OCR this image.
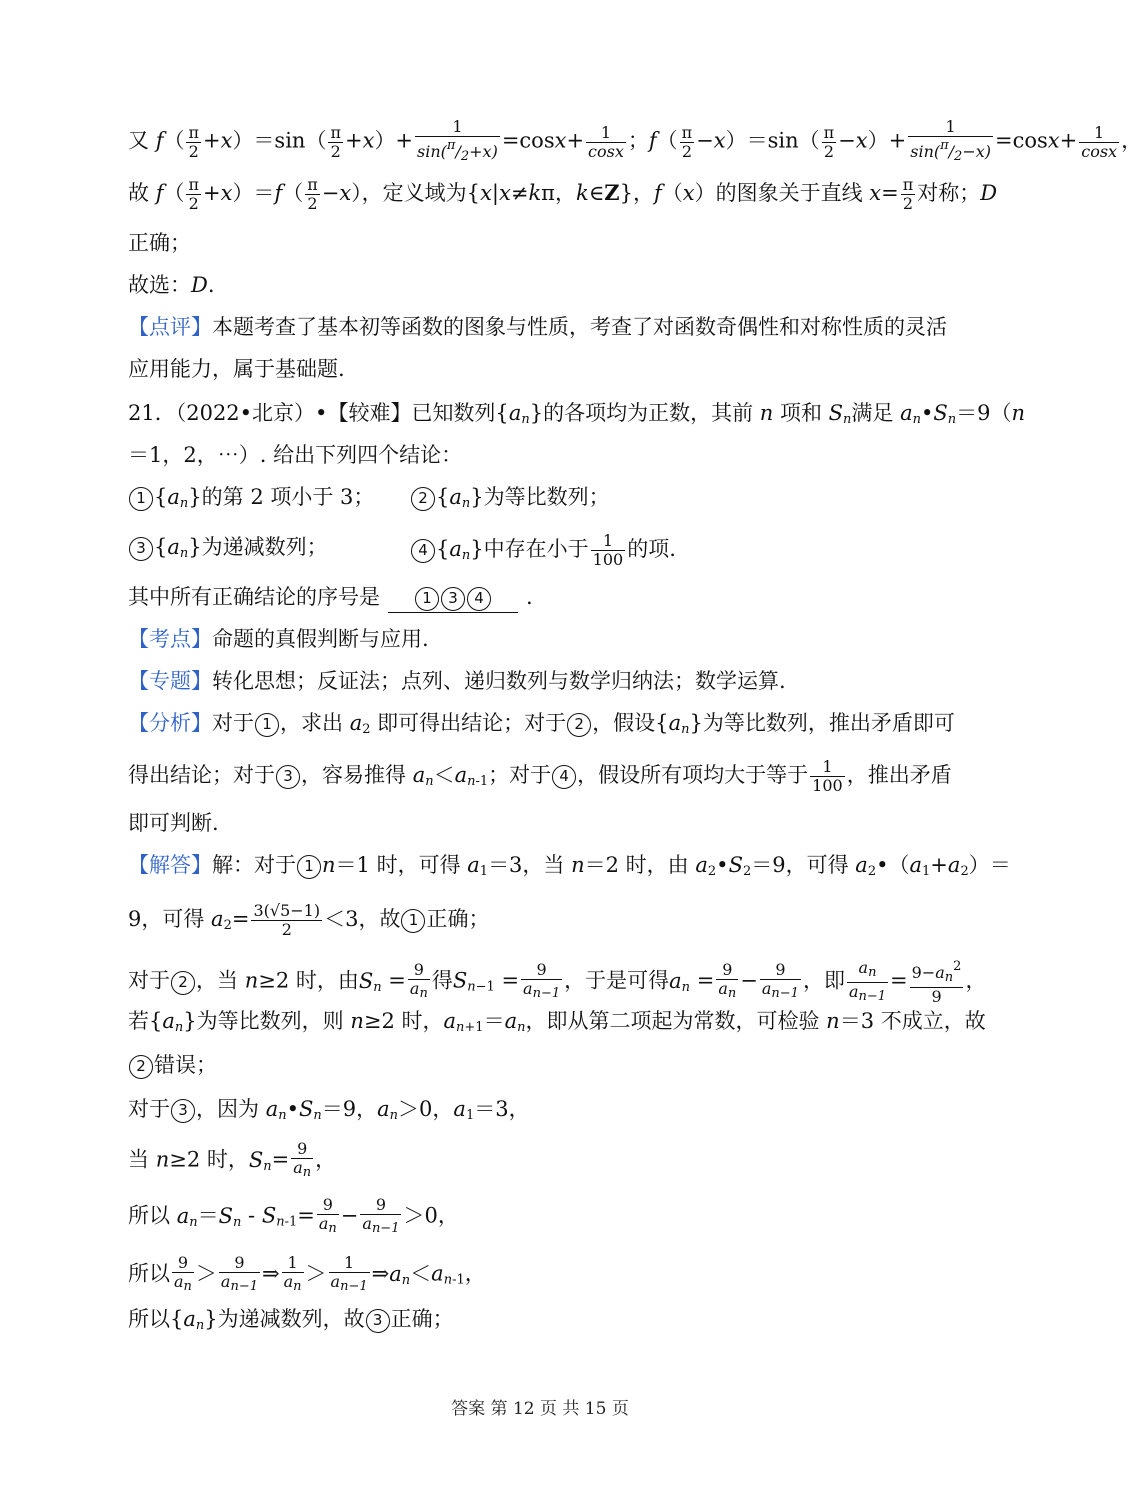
又 $f( \frac{\pi}{2} +x)=\sin( \frac{\pi}{2} +x)+ \frac{1}{\sin(^\pi/_2+x)} =\cos x+ \frac{1}{\cos x}$ ；$f( \frac{\pi}{2} -x)=\sin( \frac{\pi}{2} -x)+ \frac{1}{\sin(^\pi/_2-x)} =\cos x+ \frac{1}{\cos x}$ ，
故 $f( \frac{\pi}{2} +x)=f( \frac{\pi}{2} -x)$，定义域为{x|x≠kπ，k∈Z}，f（x）的图象关于直线 $x= \frac{\pi}{2}$ 对称；D
正确；
故选：D.
【点评】本题考查了基本初等函数的图象与性质，考查了对函数奇偶性和对称性质的灵活
应用能力，属于基础题.
21．（2022•北京）•【较难】已知数列$\{a_n\}$的各项均为正数，其前 n 项和 $S_n$满足 $a_n•S_n=9(n$
＝1，2，⋯）. 给出下列四个结论：
1 $\{a_n\}$的第 2 项小于 3；	2 $\{a_n\}$为等比数列；
3 $\{a_n\}$为递减数列；	4 $\{a_n\}$中存在小于 $\frac{1}{100}$ 的项.
其中所有正确结论的序号是	1 3 4 .
【考点】命题的真假判断与应用.
【专题】转化思想；反证法；点列、递归数列与数学归纳法；数学运算.
【分析】对于 1 ，求出 $a_2$ 即可得出结论；对于 2 ，假设$\{a_n\}$为等比数列，推出矛盾即可
得出结论；对于 3 ，容易推得 $a_n<a_{n-1}$；对于 4 ，假设所有项均大于等于 $\frac{1}{100}$ ，推出矛盾
即可判断.
【解答】解：对于 1 n＝1 时，可得 $a_1=3$，当 n＝2 时，由 $a_2•S_2=9$，可得 $a_2•(a_1+a_2)=$
9，可得 $a_2= \frac{3(√5-1)}{2} <3$，故 1 正确；
对于 2 ，当 n≥2 时，由$S_n = \frac{9}{a_n}$ 得$S_{n-1} = \frac{9}{a_{n-1}}$ ，于是可得$a_n = \frac{9}{a_n} - \frac{9}{a_{n-1}}$ ，即 $\frac{a_n}{a_{n-1}} = \frac{9-a_n^2}{9}$ ，
若$\{a_n\}$为等比数列，则 n≥2 时，$a_{n+1}=a_n$，即从第二项起为常数，可检验 n＝3 不成立，故
2 错误；
对于 3 ，因为 $a_n•S_n=9$，$a_n>0$，$a_1=3$，
当 n≥2 时，$S_n= \frac{9}{a_n}$ ，
所以 $a_n=S_n - S_{n-1}= \frac{9}{a_n} - \frac{9}{a_{n-1}} >0$，
所以 $\frac{9}{a_n} > \frac{9}{a_{n-1}}$ ⇒ $\frac{1}{a_n} > \frac{1}{a_{n-1}}$ $\Rightarrow a_n<a_{n-1}$，
所以$\{a_n\}$为递减数列，故 3 正确；
答案 第 12 页 共 15 页
